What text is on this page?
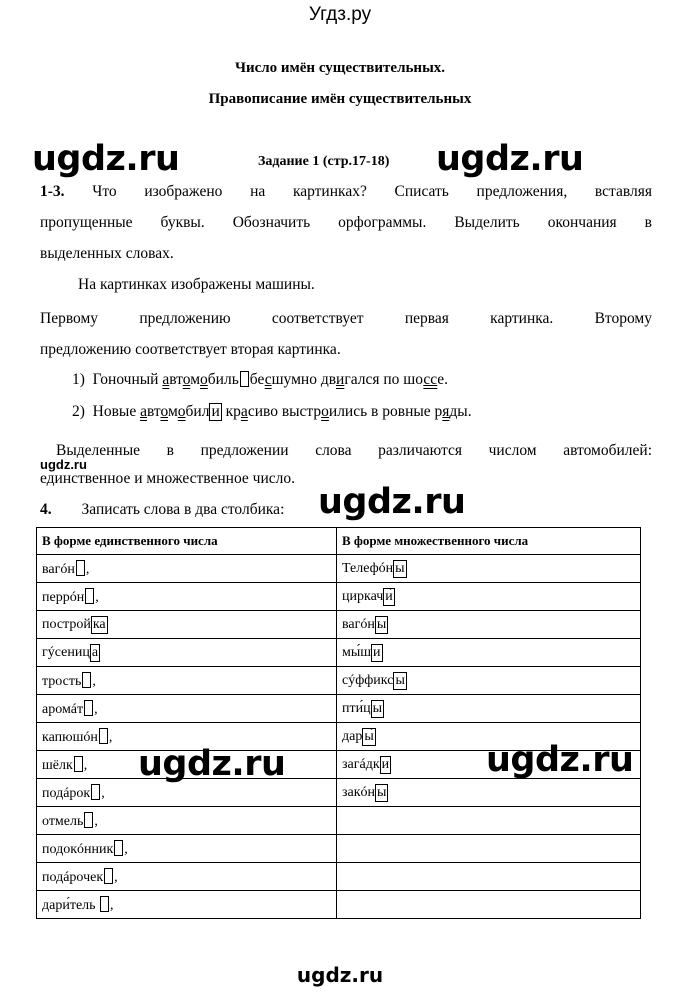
Угдз.ру
Число имён существительных.
Правописание имён существительных
ugdz.ru	Задание 1 (стр.17-18) ugdz.ru
1-3. Что изображено на картинках? Списать предложения, вставляя
пропущенные буквы. Обозначить орфограммы. Выделить окончания в
выделенных словах.
На картинках изображены машины.
Первому предложению соответствует первая картинка. Второму
предложению соответствует вторая картинка.
1) Гоночный автомобиль бесшумно двигался по шоссе.
2) Новые автомобил и красиво выстроились в ровные ряды.
Выделенные в предложении слова различаются числом автомобилей:
ugdz.ru
единственное и множественное число.
4. Записать слова в два столбика: ugdz.ru
В форме единственного числа	В форме множественного числа
вагóн ,	Телефóн ы
перрóн ,	циркач и́
построй ка	вагóн ы
гýсениц а	мы́ш и
трость ,	сýффикс ы
аромáт ,	пти́ц ы
капюшóн ,	дар ы́
шёлк ,	загáдк и
подáрок ,	закóн ы
отмель ,	
подокóнник ,	
подáрочек ,	
дари́тель ,	
ugdz.ru	ugdz.ru
ugdz.ru
